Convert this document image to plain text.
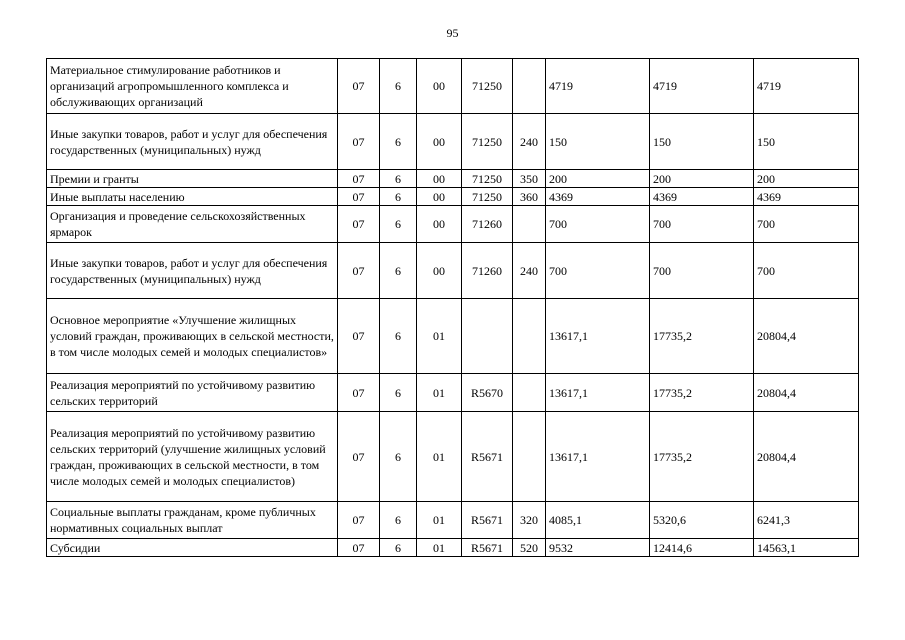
95
Материальное стимулирование работников и организаций агропромышленного комплекса и обслуживающих организаций	07	6	00	71250		4719	4719	4719
Иные закупки товаров, работ и услуг для обеспечения государственных (муниципальных) нужд	07	6	00	71250	240	150	150	150
Премии и гранты	07	6	00	71250	350	200	200	200
Иные выплаты населению	07	6	00	71250	360	4369	4369	4369
Организация и проведение сельскохозяйственных ярмарок	07	6	00	71260		700	700	700
Иные закупки товаров, работ и услуг для обеспечения государственных (муниципальных) нужд	07	6	00	71260	240	700	700	700
Основное мероприятие «Улучшение жилищных условий граждан, проживающих в сельской местности, в том числе молодых семей и молодых специалистов»	07	6	01			13617,1	17735,2	20804,4
Реализация мероприятий по устойчивому развитию сельских территорий	07	6	01	R5670		13617,1	17735,2	20804,4
Реализация мероприятий по устойчивому развитию сельских территорий (улучшение жилищных условий граждан, проживающих в сельской местности, в том числе молодых семей и молодых специалистов)	07	6	01	R5671		13617,1	17735,2	20804,4
Социальные выплаты гражданам, кроме публичных нормативных социальных выплат	07	6	01	R5671	320	4085,1	5320,6	6241,3
Субсидии	07	6	01	R5671	520	9532	12414,6	14563,1
